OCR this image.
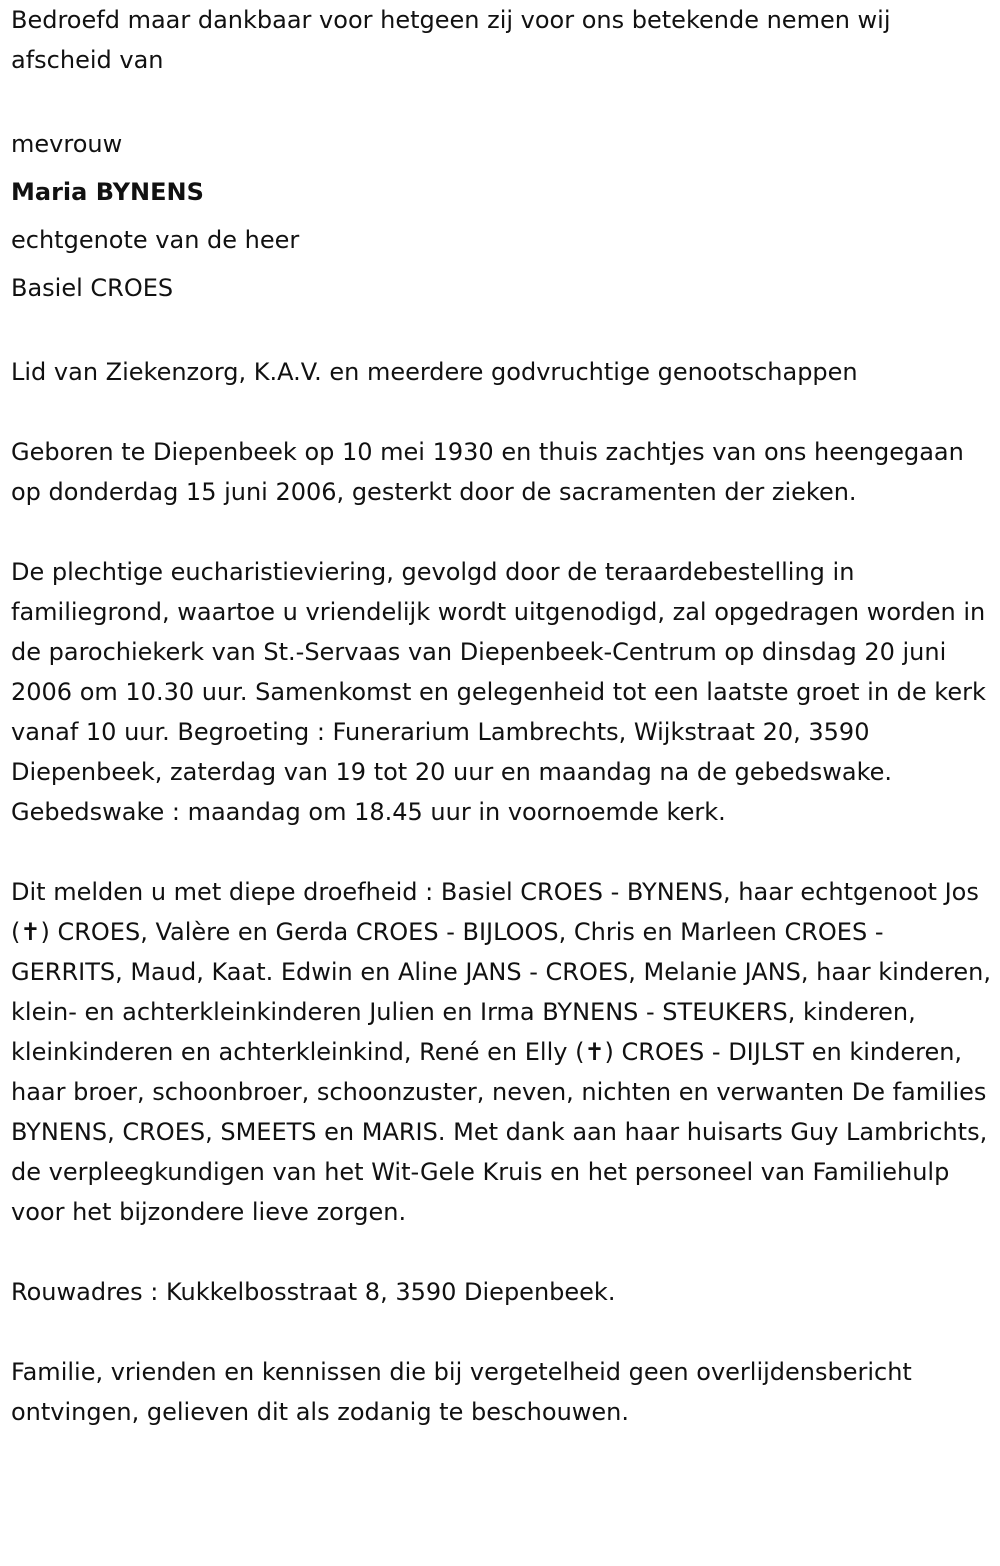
Bedroefd maar dankbaar voor hetgeen zij voor ons betekende nemen wij afscheid van

mevrouw
Maria BYNENS
echtgenote van de heer
Basiel CROES

Lid van Ziekenzorg, K.A.V. en meerdere godvruchtige genootschappen

Geboren te Diepenbeek op 10 mei 1930 en thuis zachtjes van ons heengegaan op donderdag 15 juni 2006, gesterkt door de sacramenten der zieken.

De plechtige eucharistieviering, gevolgd door de teraardebestelling in familiegrond, waartoe u vriendelijk wordt uitgenodigd, zal opgedragen worden in de parochiekerk van St.-Servaas van Diepenbeek-Centrum op dinsdag 20 juni 2006 om 10.30 uur. Samenkomst en gelegenheid tot een laatste groet in de kerk vanaf 10 uur. Begroeting : Funerarium Lambrechts, Wijkstraat 20, 3590 Diepenbeek, zaterdag van 19 tot 20 uur en maandag na de gebedswake. Gebedswake : maandag om 18.45 uur in voornoemde kerk.

Dit melden u met diepe droefheid : Basiel CROES - BYNENS, haar echtgenoot Jos (✝) CROES, Valère en Gerda CROES - BIJLOOS, Chris en Marleen CROES - GERRITS, Maud, Kaat. Edwin en Aline JANS - CROES, Melanie JANS, haar kinderen, klein- en achterkleinkinderen Julien en Irma BYNENS - STEUKERS, kinderen, kleinkinderen en achterkleinkind, René en Elly (✝) CROES - DIJLST en kinderen, haar broer, schoonbroer, schoonzuster, neven, nichten en verwanten De families BYNENS, CROES, SMEETS en MARIS. Met dank aan haar huisarts Guy Lambrichts, de verpleegkundigen van het Wit-Gele Kruis en het personeel van Familiehulp voor het bijzondere lieve zorgen.

Rouwadres : Kukkelbosstraat 8, 3590 Diepenbeek.

Familie, vrienden en kennissen die bij vergetelheid geen overlijdensbericht ontvingen, gelieven dit als zodanig te beschouwen.
